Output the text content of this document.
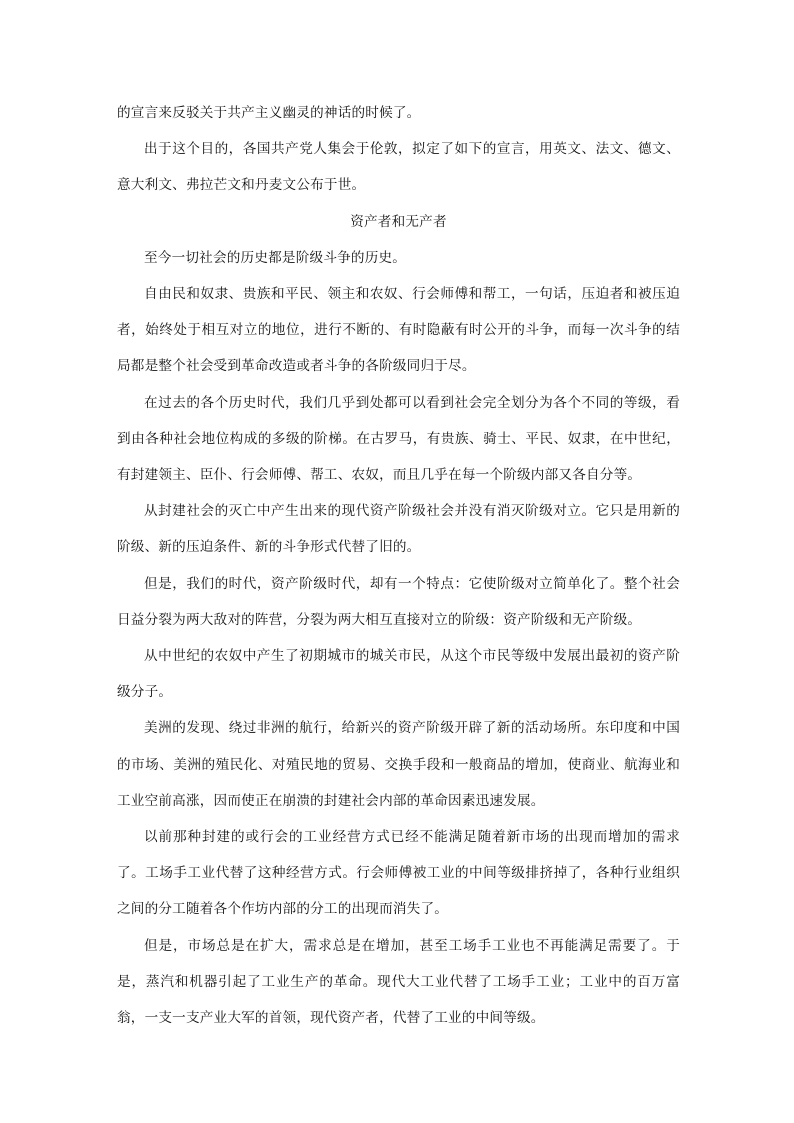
的宣言来反驳关于共产主义幽灵的神话的时候了。

出于这个目的，各国共产党人集会于伦敦，拟定了如下的宣言，用英文、法文、德文、意大利文、弗拉芒文和丹麦文公布于世。

资产者和无产者

至今一切社会的历史都是阶级斗争的历史。

自由民和奴隶、贵族和平民、领主和农奴、行会师傅和帮工，一句话，压迫者和被压迫者，始终处于相互对立的地位，进行不断的、有时隐蔽有时公开的斗争，而每一次斗争的结局都是整个社会受到革命改造或者斗争的各阶级同归于尽。

在过去的各个历史时代，我们几乎到处都可以看到社会完全划分为各个不同的等级，看到由各种社会地位构成的多级的阶梯。在古罗马，有贵族、骑士、平民、奴隶，在中世纪，有封建领主、臣仆、行会师傅、帮工、农奴，而且几乎在每一个阶级内部又各自分等。

从封建社会的灭亡中产生出来的现代资产阶级社会并没有消灭阶级对立。它只是用新的阶级、新的压迫条件、新的斗争形式代替了旧的。

但是，我们的时代，资产阶级时代，却有一个特点：它使阶级对立简单化了。整个社会日益分裂为两大敌对的阵营，分裂为两大相互直接对立的阶级：资产阶级和无产阶级。

从中世纪的农奴中产生了初期城市的城关市民，从这个市民等级中发展出最初的资产阶级分子。

美洲的发现、绕过非洲的航行，给新兴的资产阶级开辟了新的活动场所。东印度和中国的市场、美洲的殖民化、对殖民地的贸易、交换手段和一般商品的增加，使商业、航海业和工业空前高涨，因而使正在崩溃的封建社会内部的革命因素迅速发展。

以前那种封建的或行会的工业经营方式已经不能满足随着新市场的出现而增加的需求了。工场手工业代替了这种经营方式。行会师傅被工业的中间等级排挤掉了，各种行业组织之间的分工随着各个作坊内部的分工的出现而消失了。

但是，市场总是在扩大，需求总是在增加，甚至工场手工业也不再能满足需要了。于是，蒸汽和机器引起了工业生产的革命。现代大工业代替了工场手工业；工业中的百万富翁，一支一支产业大军的首领，现代资产者，代替了工业的中间等级。
